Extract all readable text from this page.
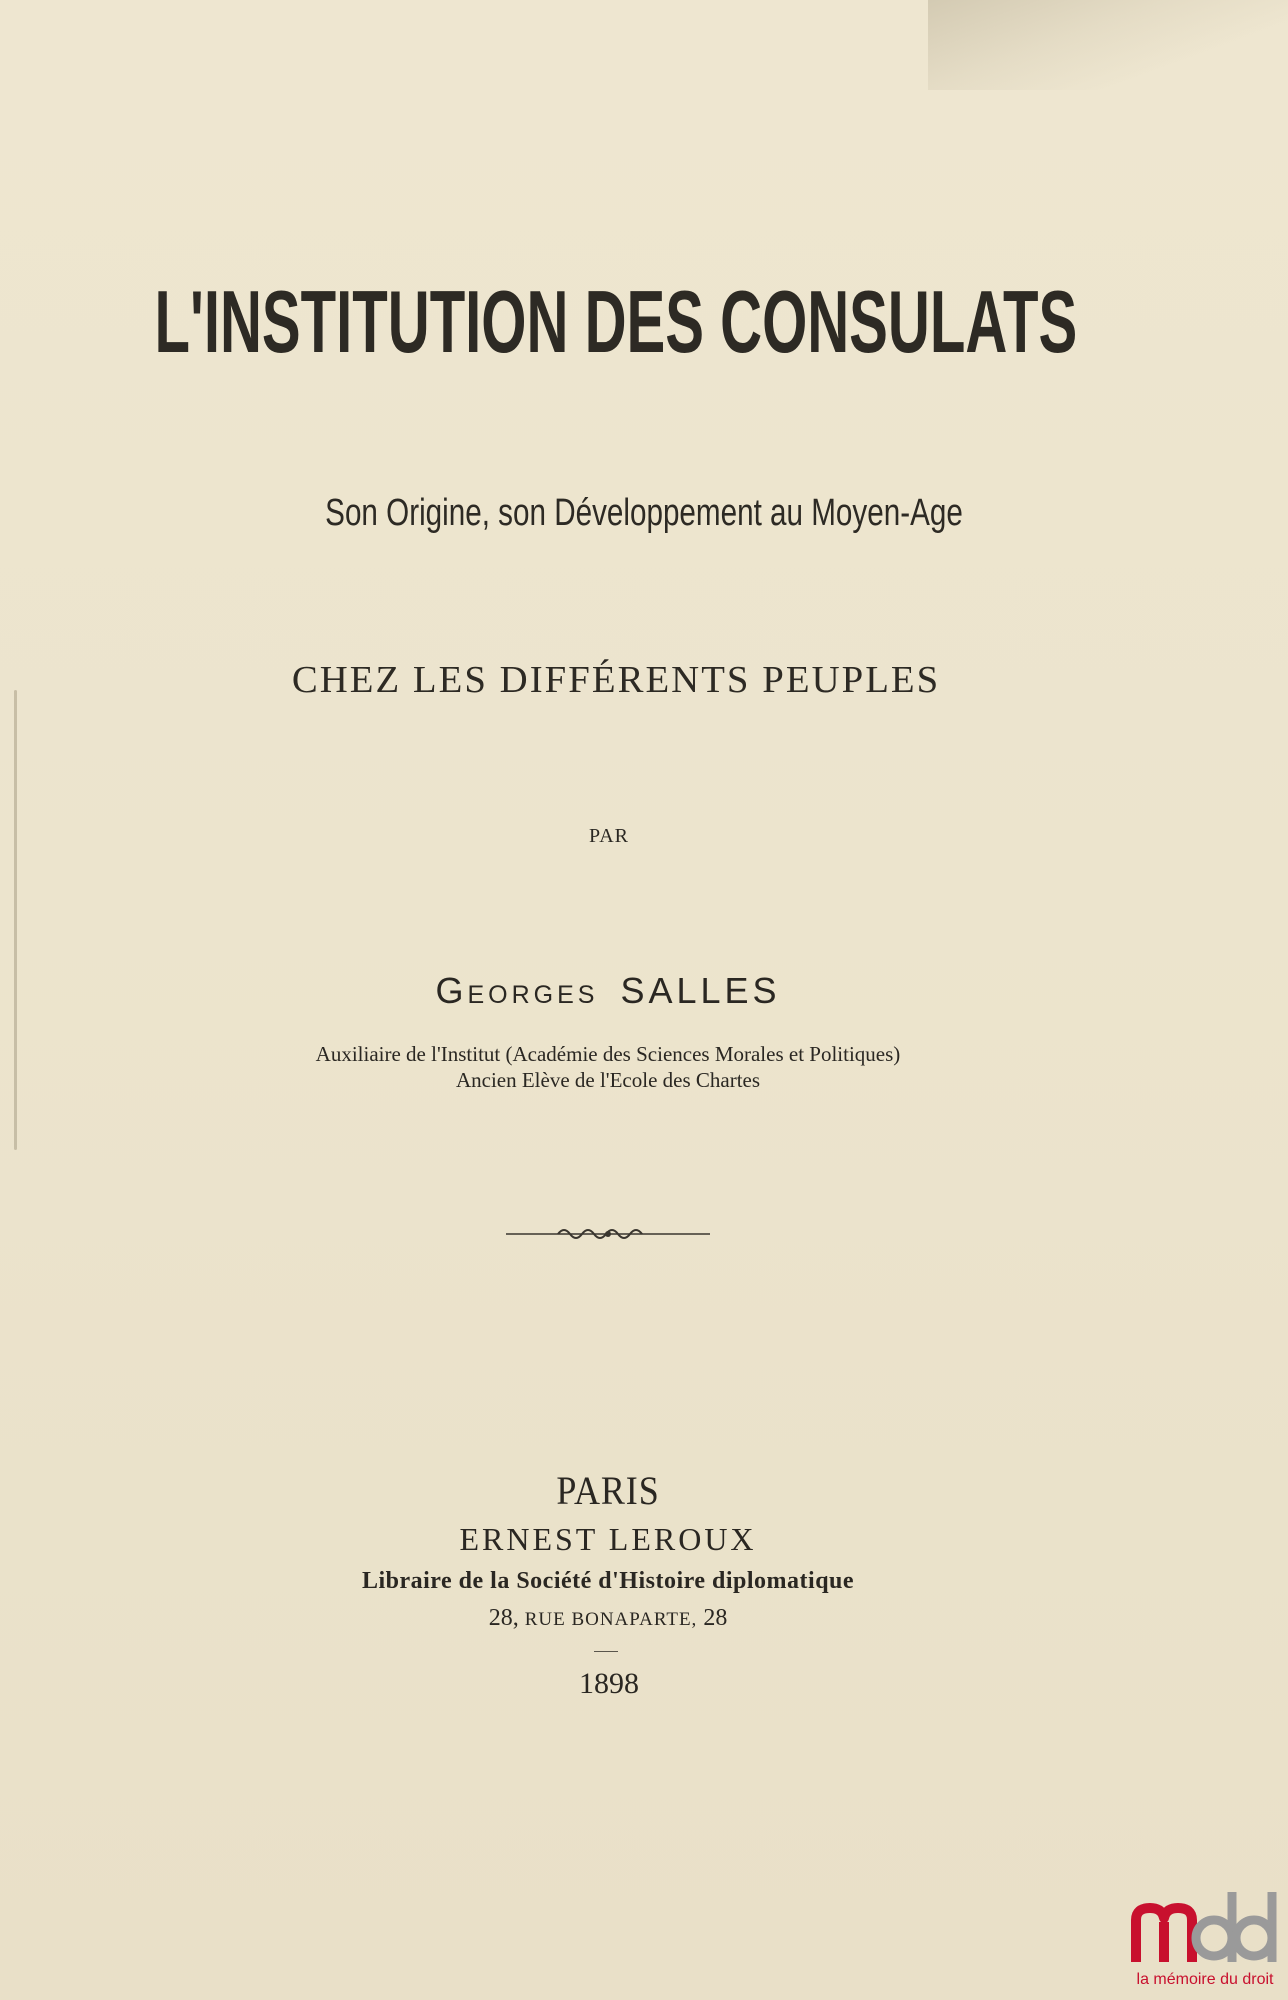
L'INSTITUTION DES CONSULATS

Son Origine, son Développement au Moyen-Age

CHEZ LES DIFFÉRENTS PEUPLES

PAR

Georges SALLES

Auxiliaire de l'Institut (Académie des Sciences Morales et Politiques)

Ancien Elève de l'Ecole des Chartes

PARIS

ERNEST LEROUX

Libraire de la Société d'Histoire diplomatique

28, RUE BONAPARTE, 28

1898

la mémoire du droit
